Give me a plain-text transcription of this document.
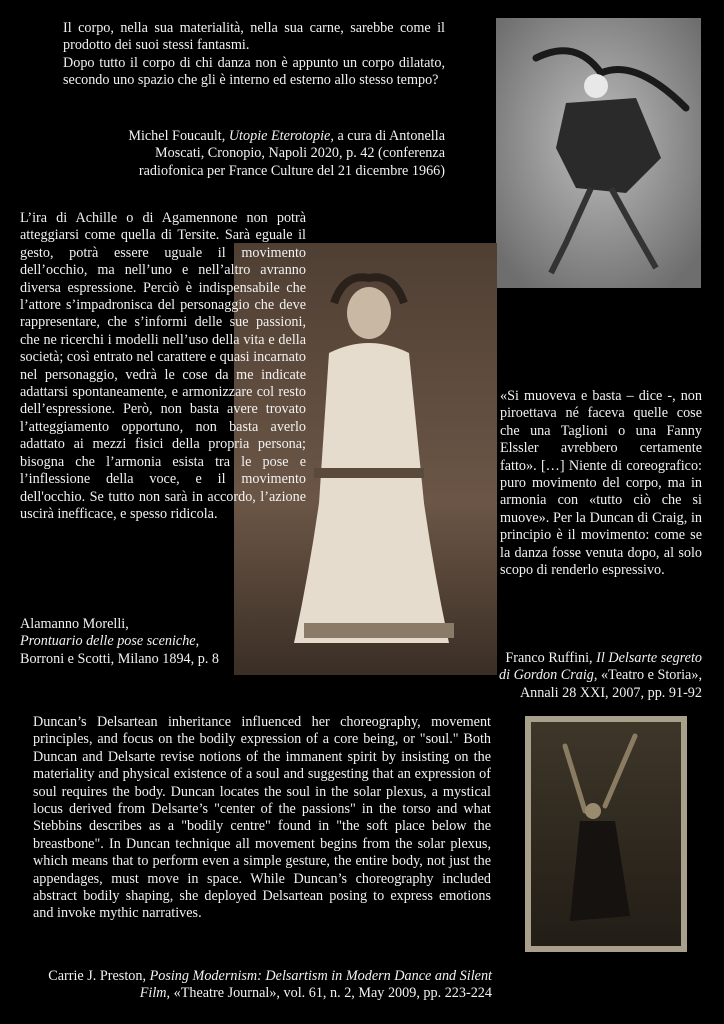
Il corpo, nella sua materialità, nella sua carne, sarebbe come il prodotto dei suoi stessi fantasmi.

Dopo tutto il corpo di chi danza non è appunto un corpo dilatato, secondo uno spazio che gli è interno ed esterno allo stesso tempo?

Michel Foucault, Utopie Eterotopie, a cura di Antonella Moscati, Cronopio, Napoli 2020, p. 42 (conferenza radiofonica per France Culture del 21 dicembre 1966)

L’ira di Achille o di Agamennone non potrà atteggiarsi come quella di Tersite. Sarà eguale il gesto, potrà essere uguale il movimento dell’occhio, ma nell’uno e nell’altro avranno diversa espressione. Perciò è indispensabile che l’attore s’impadronisca del personaggio che deve rappresentare, che s’informi delle sue passioni, che ne ricerchi i modelli nell’uso della vita e della società; così entrato nel carattere e quasi incarnato nel personaggio, vedrà le cose da me indicate adattarsi spontaneamente, e armonizzare col resto dell’espressione. Però, non basta avere trovato l’atteggiamento opportuno, non basta averlo adattato ai mezzi fisici della propria persona; bisogna che l’armonia esista tra le pose e l’inflessione della voce, e il movimento dell'occhio. Se tutto non sarà in accordo, l’azione uscirà inefficace, e spesso ridicola.

Alamanno Morelli,
Prontuario delle pose sceniche, Borroni e Scotti, Milano 1894, p. 8

«Si muoveva e basta – dice -, non piroettava né faceva quelle cose che una Taglioni o una Fanny Elssler avrebbero certamente fatto». […] Niente di coreografico: puro movimento del corpo, ma in armonia con «tutto ciò che si muove». Per la Duncan di Craig, in principio è il movimento: come se la danza fosse venuta dopo, al solo scopo di renderlo espressivo.

Franco Ruffini, Il Delsarte segreto di Gordon Craig, «Teatro e Storia», Annali 28 XXI, 2007, pp. 91-92

Duncan’s Delsartean inheritance influenced her choreography, movement principles, and focus on the bodily expression of a core being, or "soul." Both Duncan and Delsarte revise notions of the immanent spirit by insisting on the materiality and physical existence of a soul and suggesting that an expression of soul requires the body. Duncan locates the soul in the solar plexus, a mystical locus derived from Delsarte’s "center of the passions" in the torso and what Stebbins describes as a "bodily centre" found in "the soft place below the breastbone". In Duncan technique all movement begins from the solar plexus, which means that to perform even a simple gesture, the entire body, not just the appendages, must move in space. While Duncan’s choreography included abstract bodily shaping, she deployed Delsartean posing to express emotions and invoke mythic narratives.

Carrie J. Preston, Posing Modernism: Delsartism in Modern Dance and Silent Film, «Theatre Journal», vol. 61, n. 2, May 2009, pp. 223-224
